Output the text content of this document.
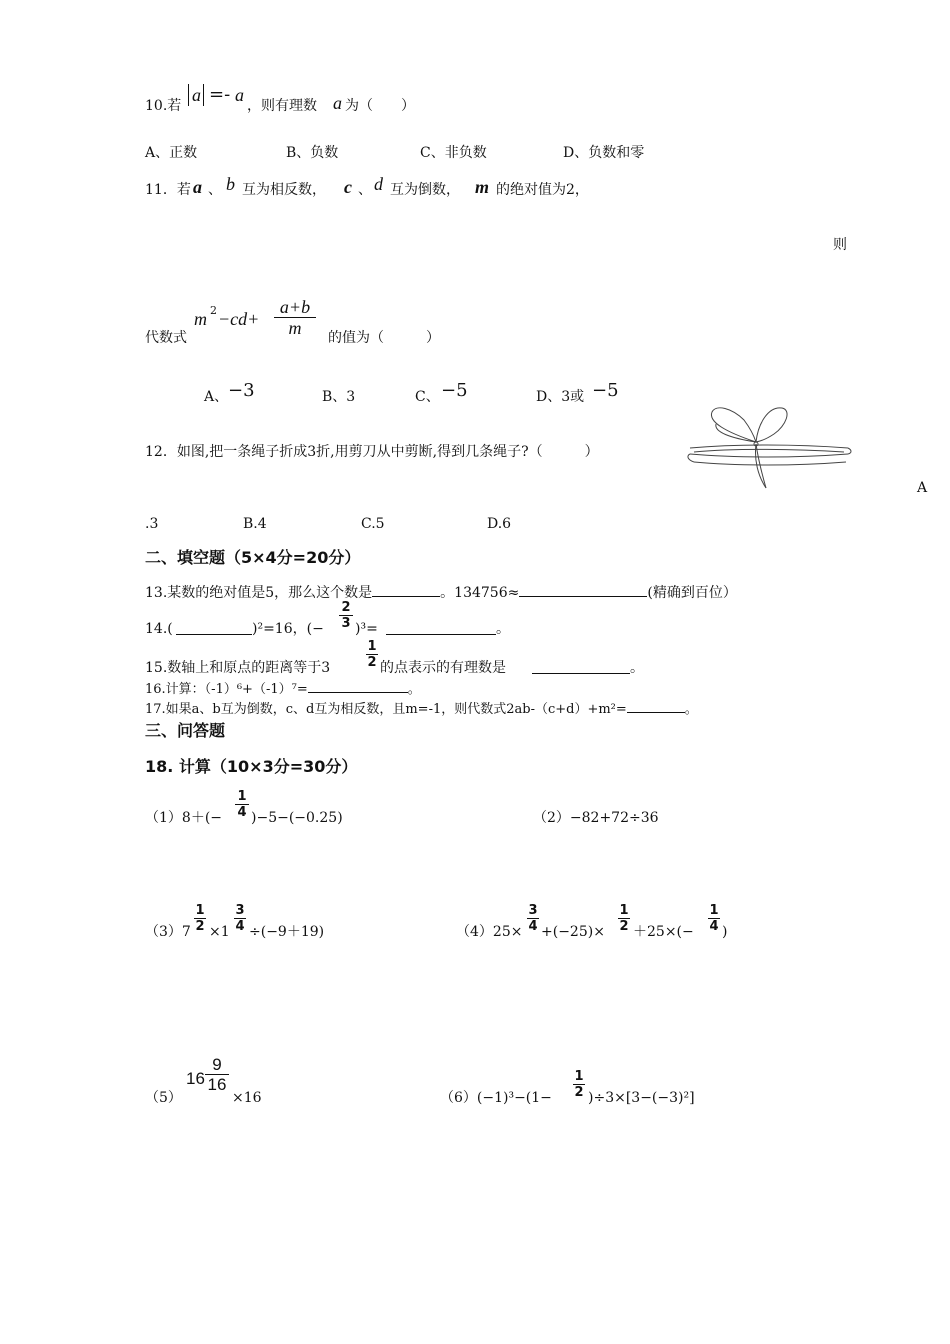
10.若
a =- a
，则有理数 a 为（　　）
A、正数	B、负数	C、非负数	D、负数和零
11．若 a 、 b 互为相反数， c 、 d 互为倒数， m 的绝对值为2，
则
代数式
m 2 −cd+
a+b
m 的值为（　　　）
A、 −3	B、3	C、 −5	D、3或 −5
12．如图,把一条绳子折成3折,用剪刀从中剪断,得到几条绳子?（　　　）
A
.3	B.4	C.5	D.6
二、填空题（5×4分=20分）
13.某数的绝对值是5，那么这个数是	。134756≈	(精确到百位）
14.(	)²=16，(−
2
3 )³=	。
15.数轴上和原点的距离等于3
1
2 的点表示的有理数是	。
16.计算：（-1）⁶+（-1）⁷=	。
17.如果a、b互为倒数，c、d互为相反数，且m=-1，则代数式2ab-（c+d）+m²=	。
三、问答题
18. 计算（10×3分=30分）
（1）8＋(−
1
4 )−5−(−0.25)	（2）−82+72÷36
（3）7
1
2 ×1
3
4 ÷(−9＋19)	（4）25×
3
4 +(−25)×
1
2 ＋25×(−
1
4 )
（5）
16
9
16
×16	（6）(−1)³−(1−
1
2 )÷3×[3−(−3)²]
